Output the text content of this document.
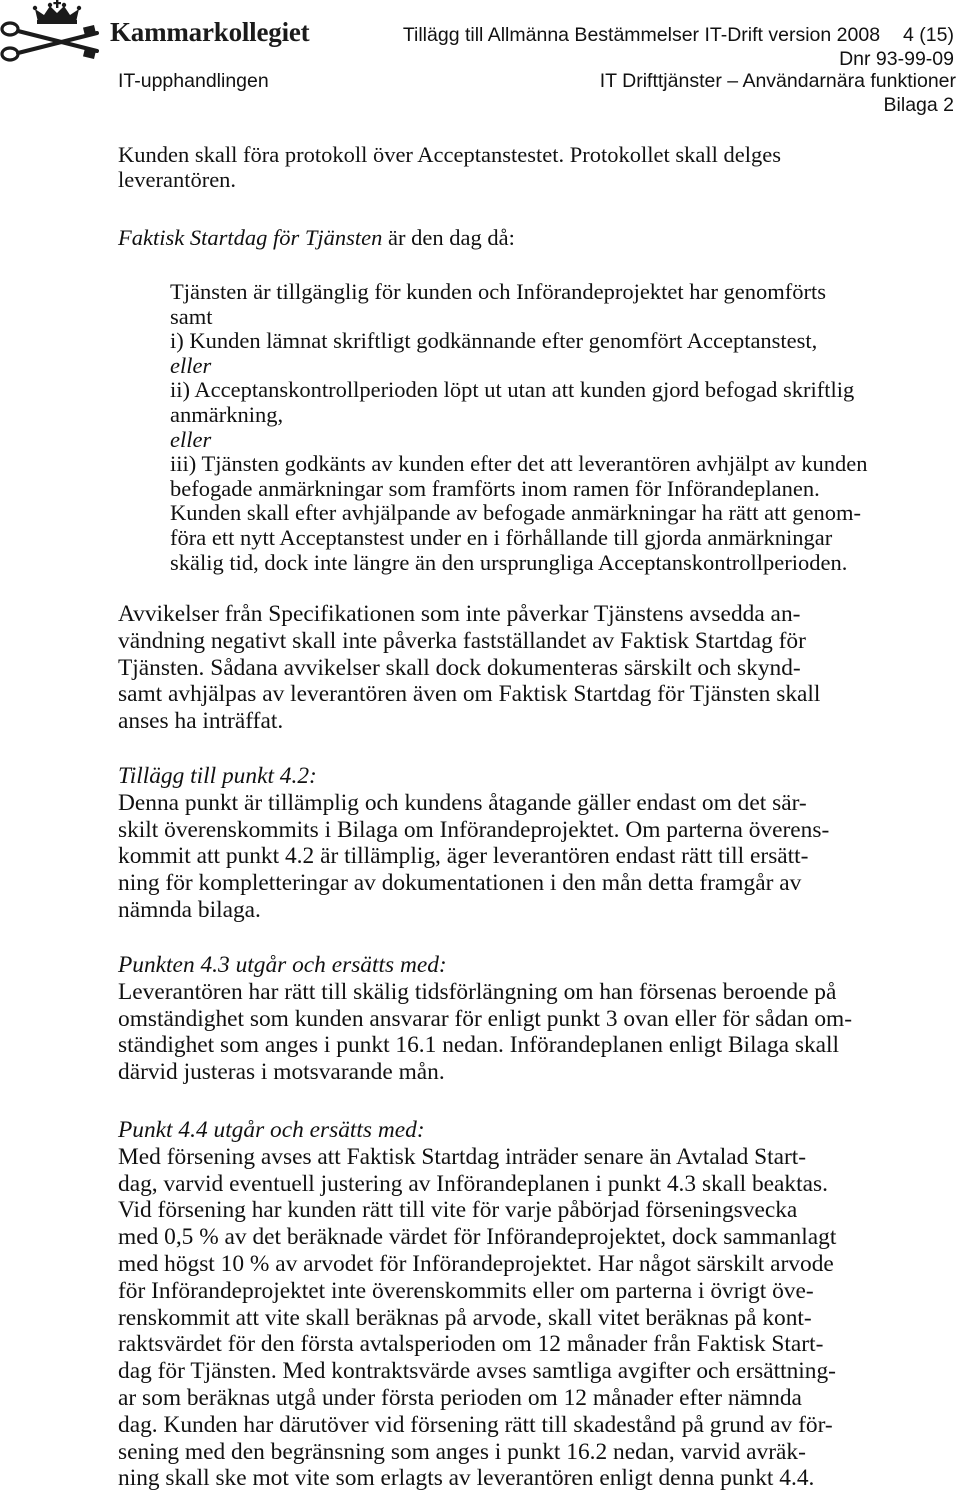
Kammarkollegiet	Tillägg till Allmänna Bestämmelser IT-Drift version 2008 4 (15)
Dnr 93-99-09
IT-upphandlingen	IT Drifttjänster – Användarnära funktioner
Bilaga 2
Kunden skall föra protokoll över Acceptanstestet. Protokollet skall delges
leverantören.
Faktisk Startdag för Tjänsten är den dag då:
Tjänsten är tillgänglig för kunden och Införandeprojektet har genomförts
samt
i) Kunden lämnat skriftligt godkännande efter genomfört Acceptanstest,
eller
ii) Acceptanskontrollperioden löpt ut utan att kunden gjord befogad skriftlig
anmärkning,
eller
iii) Tjänsten godkänts av kunden efter det att leverantören avhjälpt av kunden
befogade anmärkningar som framförts inom ramen för Införandeplanen.
Kunden skall efter avhjälpande av befogade anmärkningar ha rätt att genom-
föra ett nytt Acceptanstest under en i förhållande till gjorda anmärkningar
skälig tid, dock inte längre än den ursprungliga Acceptanskontrollperioden.
Avvikelser från Specifikationen som inte påverkar Tjänstens avsedda an-
vändning negativt skall inte påverka fastställandet av Faktisk Startdag för
Tjänsten. Sådana avvikelser skall dock dokumenteras särskilt och skynd-
samt avhjälpas av leverantören även om Faktisk Startdag för Tjänsten skall
anses ha inträffat.
Tillägg till punkt 4.2:
Denna punkt är tillämplig och kundens åtagande gäller endast om det sär-
skilt överenskommits i Bilaga om Införandeprojektet. Om parterna överens-
kommit att punkt 4.2 är tillämplig, äger leverantören endast rätt till ersätt-
ning för kompletteringar av dokumentationen i den mån detta framgår av
nämnda bilaga.
Punkten 4.3 utgår och ersätts med:
Leverantören har rätt till skälig tidsförlängning om han försenas beroende på
omständighet som kunden ansvarar för enligt punkt 3 ovan eller för sådan om-
ständighet som anges i punkt 16.1 nedan. Införandeplanen enligt Bilaga skall
därvid justeras i motsvarande mån.
Punkt 4.4 utgår och ersätts med:
Med försening avses att Faktisk Startdag inträder senare än Avtalad Start-
dag, varvid eventuell justering av Införandeplanen i punkt 4.3 skall beaktas.
Vid försening har kunden rätt till vite för varje påbörjad förseningsvecka
med 0,5 % av det beräknade värdet för Införandeprojektet, dock sammanlagt
med högst 10 % av arvodet för Införandeprojektet. Har något särskilt arvode
för Införandeprojektet inte överenskommits eller om parterna i övrigt öve-
renskommit att vite skall beräknas på arvode, skall vitet beräknas på kont-
raktsvärdet för den första avtalsperioden om 12 månader från Faktisk Start-
dag för Tjänsten. Med kontraktsvärde avses samtliga avgifter och ersättning-
ar som beräknas utgå under första perioden om 12 månader efter nämnda
dag. Kunden har därutöver vid försening rätt till skadestånd på grund av för-
sening med den begränsning som anges i punkt 16.2 nedan, varvid avräk-
ning skall ske mot vite som erlagts av leverantören enligt denna punkt 4.4.
